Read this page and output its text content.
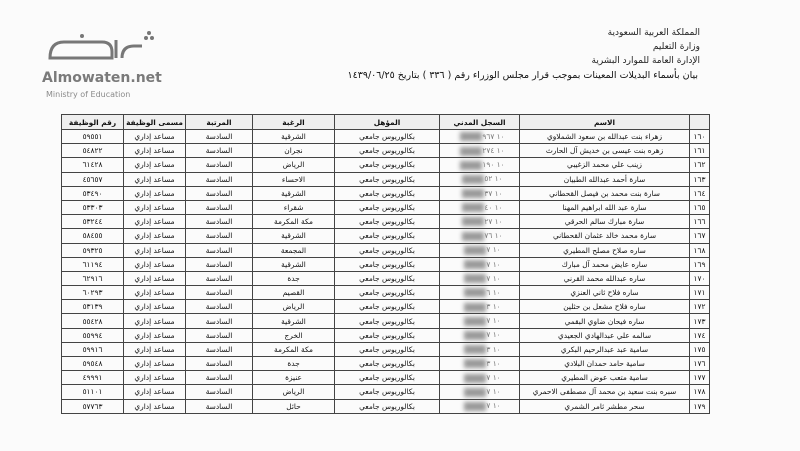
Almowaten.net
Ministry of Education
المملكة العربية السعودية
وزارة التعليم
الإدارة العامة للموارد البشرية
بيان بأسماء البديلات المعينات بموجب قرار مجلس الوزراء رقم ( ٣٣٦ ) بتاريخ ١٤٣٩/٠٦/٢٥
	الاسم	السجل المدني	المؤهل	الرغبة	المرتبة	مسمى الوظيفة	رقم الوظيفة
١٦٠	زهراء بنت عبدالله بن سعود الشملاوي	١٠ ٩٦٧	بكالوريوس جامعي	الشرقية	السادسة	مساعد إداري	٥٩٥٥١
١٦١	زهره بنت عيسى بن خديش آل الحارث	١٠ ٢٧٤	بكالوريوس جامعي	نجران	السادسة	مساعد إداري	٥٤٨٢٢
١٦٢	زينب علي محمد الزغيبي	١٠ ١٩٠	بكالوريوس جامعي	الرياض	السادسة	مساعد إداري	٦١٤٢٨
١٦٣	سارة أحمد عبدالله الطبيان	١٠ ٥٢	بكالوريوس جامعي	الاحساء	السادسة	مساعد إداري	٤٥٦٥٧
١٦٤	سارة بنت محمد بن فيصل القحطاني	١٠ ٣٧	بكالوريوس جامعي	الشرقية	السادسة	مساعد إداري	٥٣٤٩٠
١٦٥	سارة عبد الله ابراهيم المهنا	١٠ ٤٠	بكالوريوس جامعي	شقراء	السادسة	مساعد إداري	٥٣٣٠٣
١٦٦	سارة مبارك سالم الحرقي	١٠ ٢٧	بكالوريوس جامعي	مكة المكرمة	السادسة	مساعد إداري	٥٣٢٤٤
١٦٧	سارة محمد خالد عثمان القحطاني	١٠ ٧٦	بكالوريوس جامعي	الشرقية	السادسة	مساعد إداري	٥٨٤٥٥
١٦٨	ساره صلاح مصلح المطيري	١٠ ٧	بكالوريوس جامعي	المجمعة	السادسة	مساعد إداري	٥٩٣٢٥
١٦٩	ساره عايض محمد آل مبارك	١٠ ٧	بكالوريوس جامعي	الشرقية	السادسة	مساعد إداري	٦١١٩٤
١٧٠	ساره عبدالله محمد القرني	١٠ ٧	بكالوريوس جامعي	جدة	السادسة	مساعد إداري	٦٢٩١٦
١٧١	ساره فلاح ثاني العنزي	١٠ ٦	بكالوريوس جامعي	القصيم	السادسة	مساعد إداري	٦٠٢٩٣
١٧٢	ساره فلاح مشعل بن حثلين	١٠ ٣	بكالوريوس جامعي	الرياض	السادسة	مساعد إداري	٥٣١٣٩
١٧٣	ساره فيحان ضاوي البقمي	١٠ ٧	بكالوريوس جامعي	الشرقية	السادسة	مساعد إداري	٥٥٤٢٨
١٧٤	سالمه علي عبدالهادي الجعيدي	١٠ ٧	بكالوريوس جامعي	الخرج	السادسة	مساعد إداري	٥٥٩٩٤
١٧٥	سامية عبد عبدالرحيم البكري	١٠ ٣	بكالوريوس جامعي	مكة المكرمة	السادسة	مساعد إداري	٥٩٩١٦
١٧٦	سامية حامد حمدان البلادي	١٠ ٣	بكالوريوس جامعي	جدة	السادسة	مساعد إداري	٥٩٥٤٨
١٧٧	سامية متعب عوض المطيري	١٠ ٧	بكالوريوس جامعي	عنيزة	السادسة	مساعد إداري	٤٩٩٩١
١٧٨	سبره بنت سعيد بن محمد آل مصطفى الاحمري	١٠ ٧	بكالوريوس جامعي	الرياض	السادسة	مساعد إداري	٥١١٠١
١٧٩	سحر مطشر ثامر الشمري	١٠ ٧	بكالوريوس جامعي	حائل	السادسة	مساعد إداري	٥٧٧٦٣
